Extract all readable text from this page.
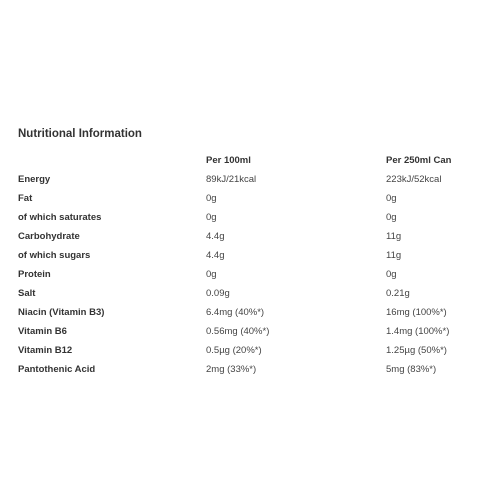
Nutritional Information
	Per 100ml	Per 250ml Can
Energy	89kJ/21kcal	223kJ/52kcal
Fat	0g	0g
of which saturates	0g	0g
Carbohydrate	4.4g	11g
of which sugars	4.4g	11g
Protein	0g	0g
Salt	0.09g	0.21g
Niacin (Vitamin B3)	6.4mg (40%*)	16mg (100%*)
Vitamin B6	0.56mg (40%*)	1.4mg (100%*)
Vitamin B12	0.5µg (20%*)	1.25µg (50%*)
Pantothenic Acid	2mg (33%*)	5mg (83%*)
